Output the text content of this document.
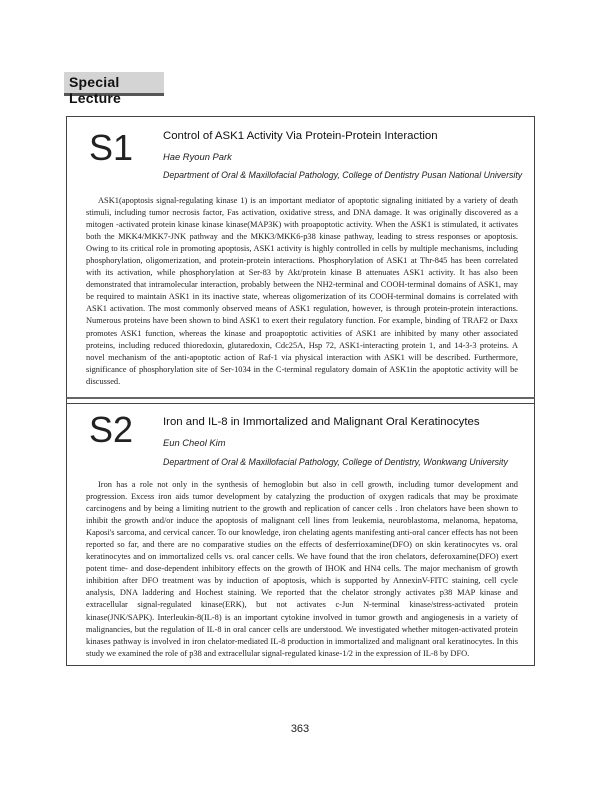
Special Lecture
S1	Control of ASK1 Activity Via Protein-Protein Interaction
Hae Ryoun Park
Department of Oral & Maxillofacial Pathology, College of Dentistry Pusan National University

ASK1(apoptosis signal-regulating kinase 1) is an important mediator of apoptotic signaling initiated by a variety of death stimuli, including tumor necrosis factor, Fas activation, oxidative stress, and DNA damage. It was originally discovered as a mitogen -activated protein kinase kinase kinase(MAP3K) with proapoptotic activity. When the ASK1 is stimulated, it activates both the MKK4/MKK7-JNK pathway and the MKK3/MKK6-p38 kinase pathway, leading to stress responses or apoptosis. Owing to its critical role in promoting apoptosis, ASK1 activity is highly controlled in cells by multiple mechanisms, including phosphorylation, oligomerization, and protein-protein interactions. Phosphorylation of ASK1 at Thr-845 has been correlated with its activation, while phosphorylation at Ser-83 by Akt/protein kinase B attenuates ASK1 activity. It has also been demonstrated that intramolecular interaction, probably between the NH2-terminal and COOH-terminal domains of ASK1, may be required to maintain ASK1 in its inactive state, whereas oligomerization of its COOH-terminal domains is correlated with ASK1 activation. The most commonly observed means of ASK1 regulation, however, is through protein-protein interactions. Numerous proteins have been shown to bind ASK1 to exert their regulatory function. For example, binding of TRAF2 or Daxx promotes ASK1 function, whereas the kinase and proapoptotic activities of ASK1 are inhibited by many other associated proteins, including reduced thioredoxin, glutaredoxin, Cdc25A, Hsp 72, ASK1-interacting protein 1, and 14-3-3 proteins. A novel mechanism of the anti-apoptotic action of Raf-1 via physical interaction with ASK1 will be described. Furthermore, significance of phosphorylation site of Ser-1034 in the C-terminal regulatory domain of ASK1in the apoptotic activity will be discussed.

S2	Iron and IL-8 in Immortalized and Malignant Oral Keratinocytes
Eun Cheol Kim
Department of Oral & Maxillofacial Pathology, College of Dentistry, Wonkwang University

Iron has a role not only in the synthesis of hemoglobin but also in cell growth, including tumor development and progression. Excess iron aids tumor development by catalyzing the production of oxygen radicals that may be proximate carcinogens and by being a limiting nutrient to the growth and replication of cancer cells . Iron chelators have been shown to inhibit the growth and/or induce the apoptosis of malignant cell lines from leukemia, neuroblastoma, melanoma, hepatoma, Kaposi's sarcoma, and cervical cancer. To our knowledge, iron chelating agents manifesting anti-oral cancer effects has not been reported so far, and there are no comparative studies on the effects of desferrioxamine(DFO) on skin keratinocytes vs. oral keratinocytes and on immortalized cells vs. oral cancer cells. We have found that the iron chelators, deferoxamine(DFO) exert potent time- and dose-dependent inhibitory effects on the growth of IHOK and HN4 cells. The major mechanism of growth inhibition after DFO treatment was by induction of apoptosis, which is supported by AnnexinV-FITC staining, cell cycle analysis, DNA laddering and Hochest staining. We reported that the chelator strongly activates p38 MAP kinase and extracellular signal-regulated kinase(ERK), but not activates c-Jun N-terminal kinase/stress-activated protein kinase(JNK/SAPK). Interleukin-8(IL-8) is an important cytokine involved in tumor growth and angiogenesis in a variety of malignancies, but the regulation of IL-8 in oral cancer cells are understood. We investigated whether mitogen-activated protein kinases pathway is involved in iron chelator-mediated IL-8 production in immortalized and malignant oral keratinocytes. In this study we examined the role of p38 and extracellular signal-regulated kinase-1/2 in the expression of IL-8 by DFO.

363
